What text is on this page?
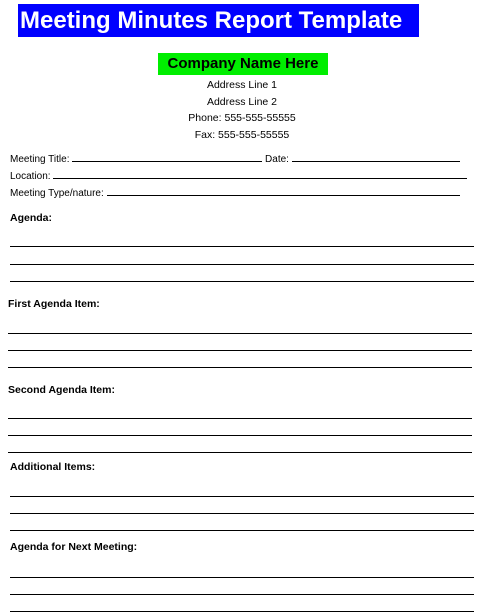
Meeting Minutes Report Template
Company Name Here
Address Line 1
Address Line 2
Phone: 555-555-55555
Fax: 555-555-55555
Meeting Title:	Date:
Location:
Meeting Type/nature:
Agenda:
First Agenda Item:
Second Agenda Item:
Additional Items:
Agenda for Next Meeting:
